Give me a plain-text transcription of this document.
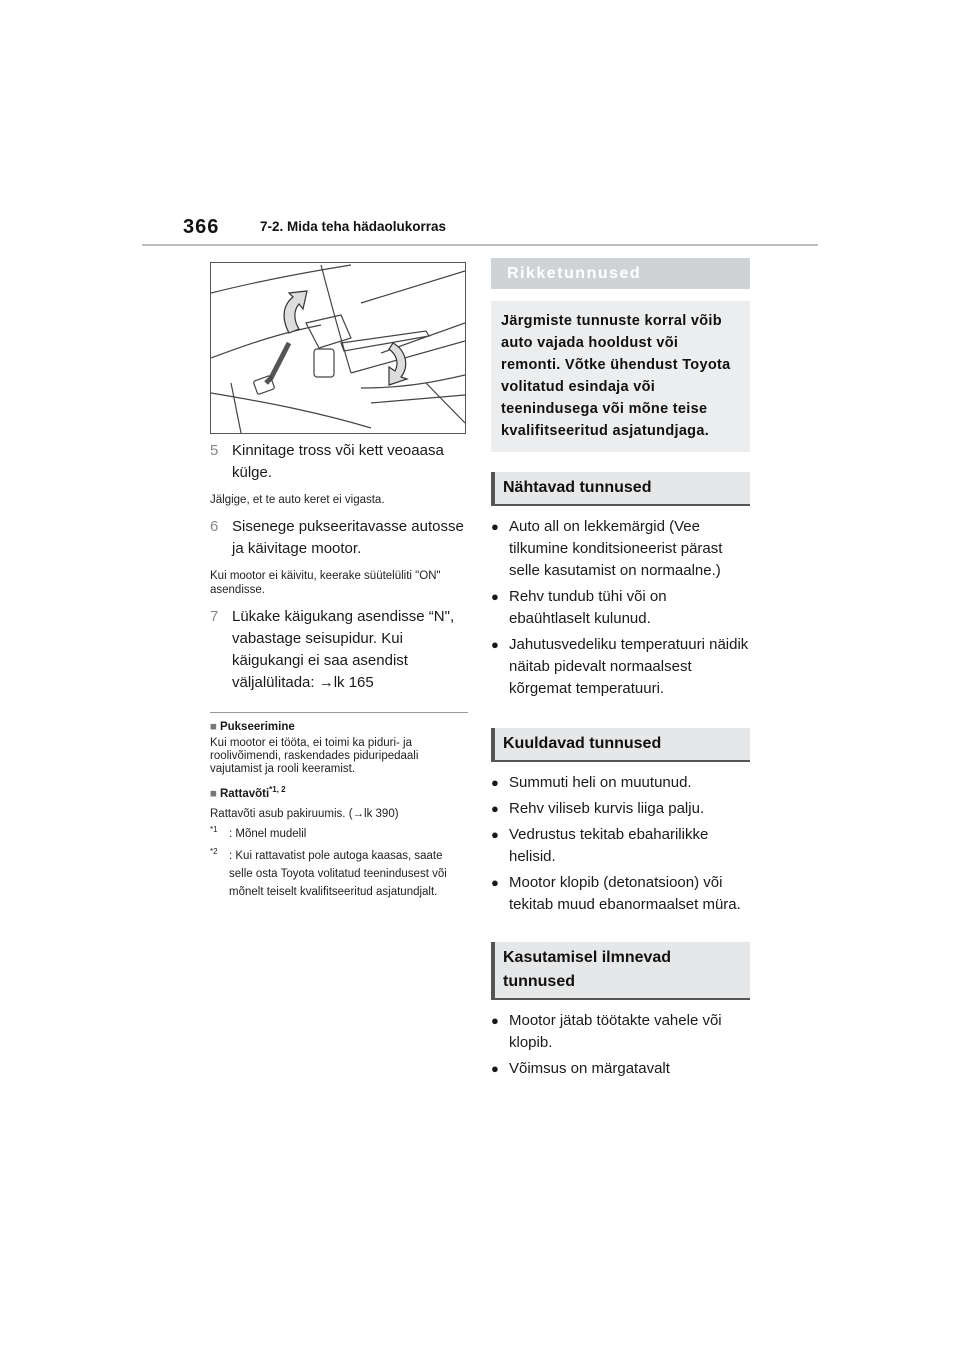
366	7-2. Mida teha hädaolukorras
5 Kinnitage tross või kett veoaasa külge.
Jälgige, et te auto keret ei vigasta.
6 Sisenege pukseeritavasse autosse ja käivitage mootor.
Kui mootor ei käivitu, keerake süütelüliti "ON" asendisse.
7 Lükake käigukang asendisse “N", vabastage seisupidur. Kui käigukangi ei saa asendist väljalülitada: →lk 165
■ Pukseerimine
Kui mootor ei tööta, ei toimi ka piduri- ja roolivõimendi, raskendades piduripedaali vajutamist ja rooli keeramist.
■ Rattavõti$^{*1, 2}$
Rattavõti asub pakiruumis. (→lk 390)
$^{*1}$ : Mõnel mudelil
$^{*2}$ : Kui rattavatist pole autoga kaasas, saate selle osta Toyota volitatud teenindusest või mõnelt teiselt kvalifitseeritud asjatundjalt.
Rikketunnused
Järgmiste tunnuste korral võib auto vajada hooldust või remonti. Võtke ühendust Toyota volitatud esindaja või teenindusega või mõne teise kvalifitseeritud asjatundjaga.
Nähtavad tunnused
● Auto all on lekkemärgid (Vee tilkumine konditsioneerist pärast selle kasutamist on normaalne.)
● Rehv tundub tühi või on ebaühtlaselt kulunud.
● Jahutusvedeliku temperatuuri näidik näitab pidevalt normaalsest kõrgemat temperatuuri.
Kuuldavad tunnused
● Summuti heli on muutunud.
● Rehv viliseb kurvis liiga palju.
● Vedrustus tekitab ebaharilikke helisid.
● Mootor klopib (detonatsioon) või tekitab muud ebanormaalset müra.
Kasutamisel ilmnevad tunnused
● Mootor jätab töötakte vahele või klopib.
● Võimsus on märgatavalt
